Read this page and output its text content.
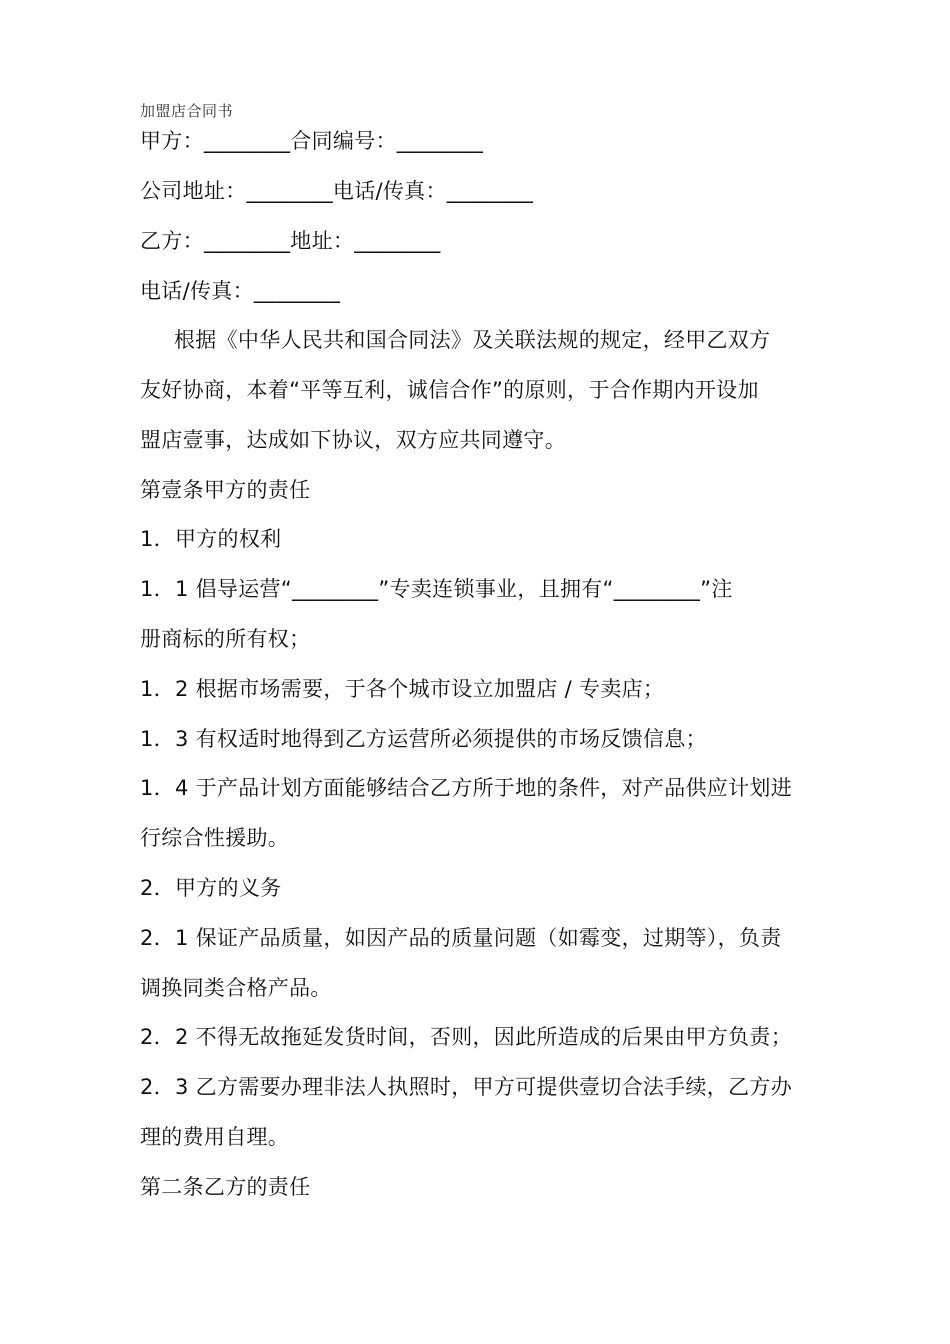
加盟店合同书
甲方：________合同编号：________
公司地址：________电话/传真：________
乙方：________地址：________
电话/传真：________
根据《中华人民共和国合同法》及关联法规的规定，经甲乙双方
友好协商，本着“平等互利，诚信合作”的原则，于合作期内开设加
盟店壹事，达成如下协议，双方应共同遵守。
第壹条甲方的责任
1．甲方的权利
1．1 倡导运营“________”专卖连锁事业，且拥有“________”注
册商标的所有权；
1．2 根据市场需要，于各个城市设立加盟店 / 专卖店；
1．3 有权适时地得到乙方运营所必须提供的市场反馈信息；
1．4 于产品计划方面能够结合乙方所于地的条件，对产品供应计划进
行综合性援助。
2．甲方的义务
2．1 保证产品质量，如因产品的质量问题（如霉变，过期等），负责
调换同类合格产品。
2．2 不得无故拖延发货时间，否则，因此所造成的后果由甲方负责；
2．3 乙方需要办理非法人执照时，甲方可提供壹切合法手续，乙方办
理的费用自理。
第二条乙方的责任
